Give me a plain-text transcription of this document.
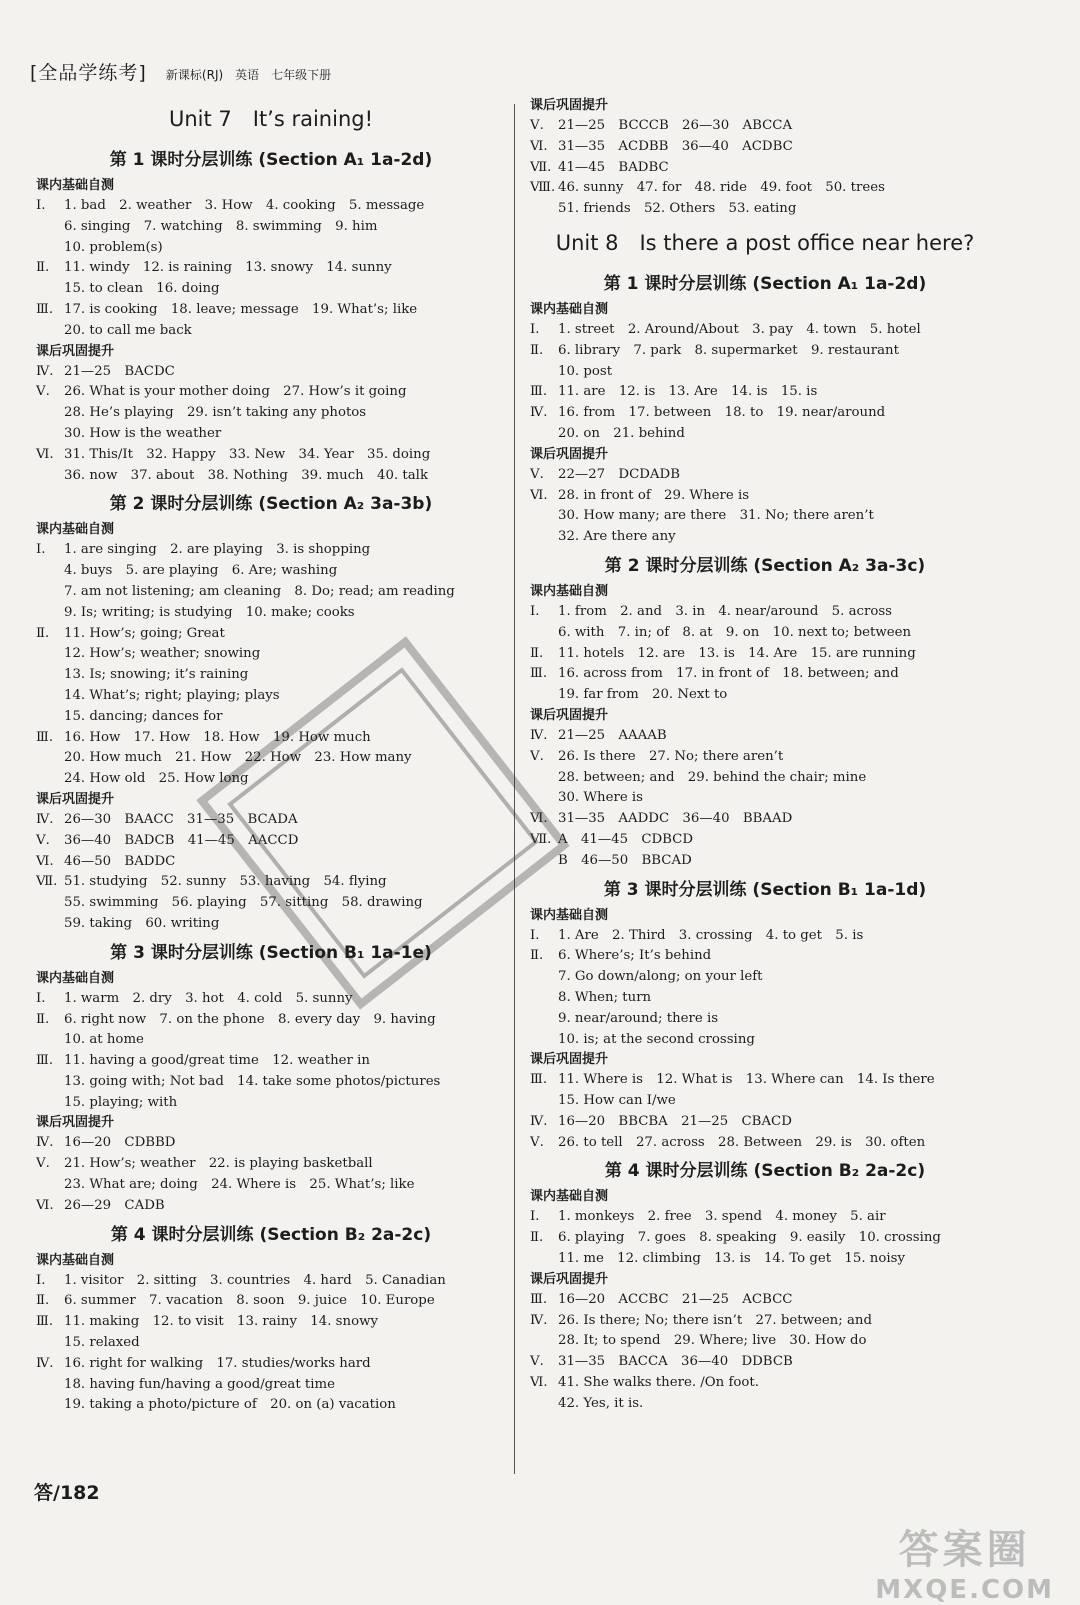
[全品学练考] 新课标(RJ)　英语　七年级下册
Unit 7　It’s raining!
第 1 课时分层训练 (Section A₁ 1a-2d)
课内基础自测
Ⅰ. 1. bad　2. weather　3. How　4. cooking　5. message
6. singing　7. watching　8. swimming　9. him
10. problem(s)
Ⅱ. 11. windy　12. is raining　13. snowy　14. sunny
15. to clean　16. doing
Ⅲ. 17. is cooking　18. leave; message　19. What’s; like
20. to call me back
课后巩固提升
Ⅳ. 21—25　BACDC
Ⅴ. 26. What is your mother doing　27. How’s it going
28. He’s playing　29. isn’t taking any photos
30. How is the weather
Ⅵ. 31. This/It　32. Happy　33. New　34. Year　35. doing
36. now　37. about　38. Nothing　39. much　40. talk
第 2 课时分层训练 (Section A₂ 3a-3b)
课内基础自测
Ⅰ. 1. are singing　2. are playing　3. is shopping
4. buys　5. are playing　6. Are; washing
7. am not listening; am cleaning　8. Do; read; am reading
9. Is; writing; is studying　10. make; cooks
Ⅱ. 11. How’s; going; Great
12. How’s; weather; snowing
13. Is; snowing; it’s raining
14. What’s; right; playing; plays
15. dancing; dances for
Ⅲ. 16. How　17. How　18. How　19. How much
20. How much　21. How　22. How　23. How many
24. How old　25. How long
课后巩固提升
Ⅳ. 26—30　BAACC　31—35　BCADA
Ⅴ. 36—40　BADCB　41—45　AACCD
Ⅵ. 46—50　BADDC
Ⅶ. 51. studying　52. sunny　53. having　54. flying
55. swimming　56. playing　57. sitting　58. drawing
59. taking　60. writing
第 3 课时分层训练 (Section B₁ 1a-1e)
课内基础自测
Ⅰ. 1. warm　2. dry　3. hot　4. cold　5. sunny
Ⅱ. 6. right now　7. on the phone　8. every day　9. having
10. at home
Ⅲ. 11. having a good/great time　12. weather in
13. going with; Not bad　14. take some photos/pictures
15. playing; with
课后巩固提升
Ⅳ. 16—20　CDBBD
Ⅴ. 21. How’s; weather　22. is playing basketball
23. What are; doing　24. Where is　25. What’s; like
Ⅵ. 26—29　CADB
第 4 课时分层训练 (Section B₂ 2a-2c)
课内基础自测
Ⅰ. 1. visitor　2. sitting　3. countries　4. hard　5. Canadian
Ⅱ. 6. summer　7. vacation　8. soon　9. juice　10. Europe
Ⅲ. 11. making　12. to visit　13. rainy　14. snowy
15. relaxed
Ⅳ. 16. right for walking　17. studies/works hard
18. having fun/having a good/great time
19. taking a photo/picture of　20. on (a) vacation
课后巩固提升
Ⅴ. 21—25　BCCCB　26—30　ABCCA
Ⅵ. 31—35　ACDBB　36—40　ACDBC
Ⅶ. 41—45　BADBC
Ⅷ. 46. sunny　47. for　48. ride　49. foot　50. trees
51. friends　52. Others　53. eating
Unit 8　Is there a post office near here?
第 1 课时分层训练 (Section A₁ 1a-2d)
课内基础自测
Ⅰ. 1. street　2. Around/About　3. pay　4. town　5. hotel
Ⅱ. 6. library　7. park　8. supermarket　9. restaurant
10. post
Ⅲ. 11. are　12. is　13. Are　14. is　15. is
Ⅳ. 16. from　17. between　18. to　19. near/around
20. on　21. behind
课后巩固提升
Ⅴ. 22—27　DCDADB
Ⅵ. 28. in front of　29. Where is
30. How many; are there　31. No; there aren’t
32. Are there any
第 2 课时分层训练 (Section A₂ 3a-3c)
课内基础自测
Ⅰ. 1. from　2. and　3. in　4. near/around　5. across
6. with　7. in; of　8. at　9. on　10. next to; between
Ⅱ. 11. hotels　12. are　13. is　14. Are　15. are running
Ⅲ. 16. across from　17. in front of　18. between; and
19. far from　20. Next to
课后巩固提升
Ⅳ. 21—25　AAAAB
Ⅴ. 26. Is there　27. No; there aren’t
28. between; and　29. behind the chair; mine
30. Where is
Ⅵ. 31—35　AADDC　36—40　BBAAD
Ⅶ. A　41—45　CDBCD
B　46—50　BBCAD
第 3 课时分层训练 (Section B₁ 1a-1d)
课内基础自测
Ⅰ. 1. Are　2. Third　3. crossing　4. to get　5. is
Ⅱ. 6. Where’s; It’s behind
7. Go down/along; on your left
8. When; turn
9. near/around; there is
10. is; at the second crossing
课后巩固提升
Ⅲ. 11. Where is　12. What is　13. Where can　14. Is there
15. How can I/we
Ⅳ. 16—20　BBCBA　21—25　CBACD
Ⅴ. 26. to tell　27. across　28. Between　29. is　30. often
第 4 课时分层训练 (Section B₂ 2a-2c)
课内基础自测
Ⅰ. 1. monkeys　2. free　3. spend　4. money　5. air
Ⅱ. 6. playing　7. goes　8. speaking　9. easily　10. crossing
11. me　12. climbing　13. is　14. To get　15. noisy
课后巩固提升
Ⅲ. 16—20　ACCBC　21—25　ACBCC
Ⅳ. 26. Is there; No; there isn’t　27. between; and
28. It; to spend　29. Where; live　30. How do
Ⅴ. 31—35　BACCA　36—40　DDBCB
Ⅵ. 41. She walks there. /On foot.
42. Yes, it is.
答/182
答案圈
MXQE.COM
